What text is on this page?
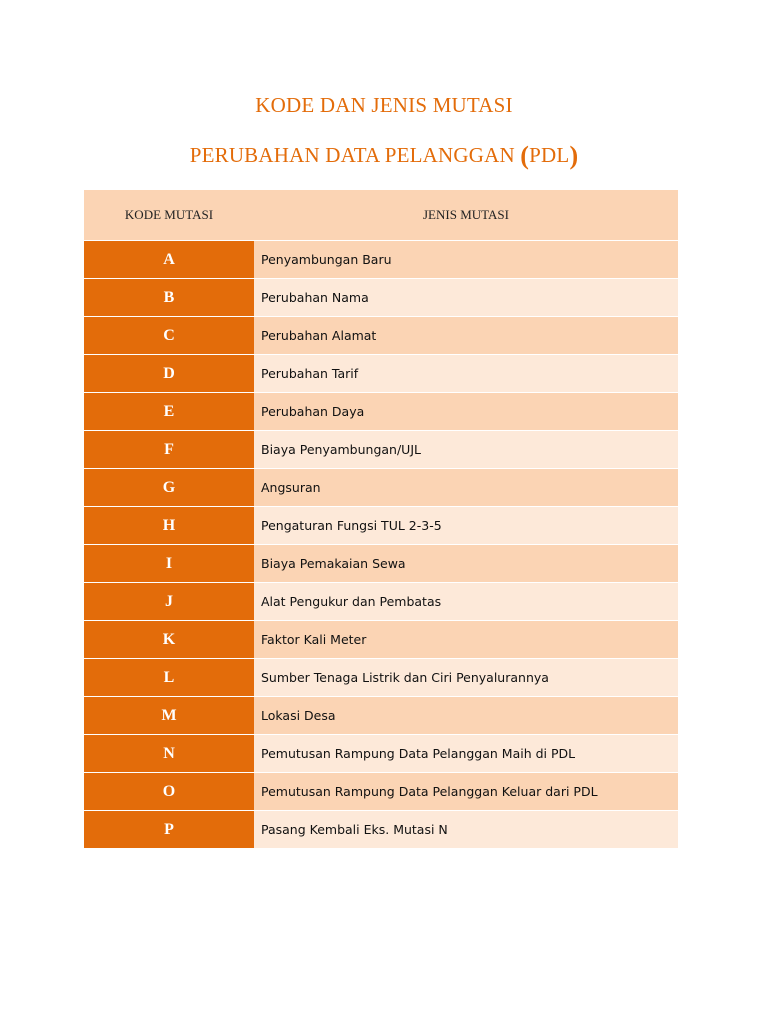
KODE DAN JENIS MUTASI
PERUBAHAN DATA PELANGGAN (PDL)
KODE MUTASI	JENIS MUTASI
A	Penyambungan Baru
B	Perubahan Nama
C	Perubahan Alamat
D	Perubahan Tarif
E	Perubahan Daya
F	Biaya Penyambungan/UJL
G	Angsuran
H	Pengaturan Fungsi TUL 2-3-5
I	Biaya Pemakaian Sewa
J	Alat Pengukur dan Pembatas
K	Faktor Kali Meter
L	Sumber Tenaga Listrik dan Ciri Penyalurannya
M	Lokasi Desa
N	Pemutusan Rampung Data Pelanggan Maih di PDL
O	Pemutusan Rampung Data Pelanggan Keluar dari PDL
P	Pasang Kembali Eks. Mutasi N
